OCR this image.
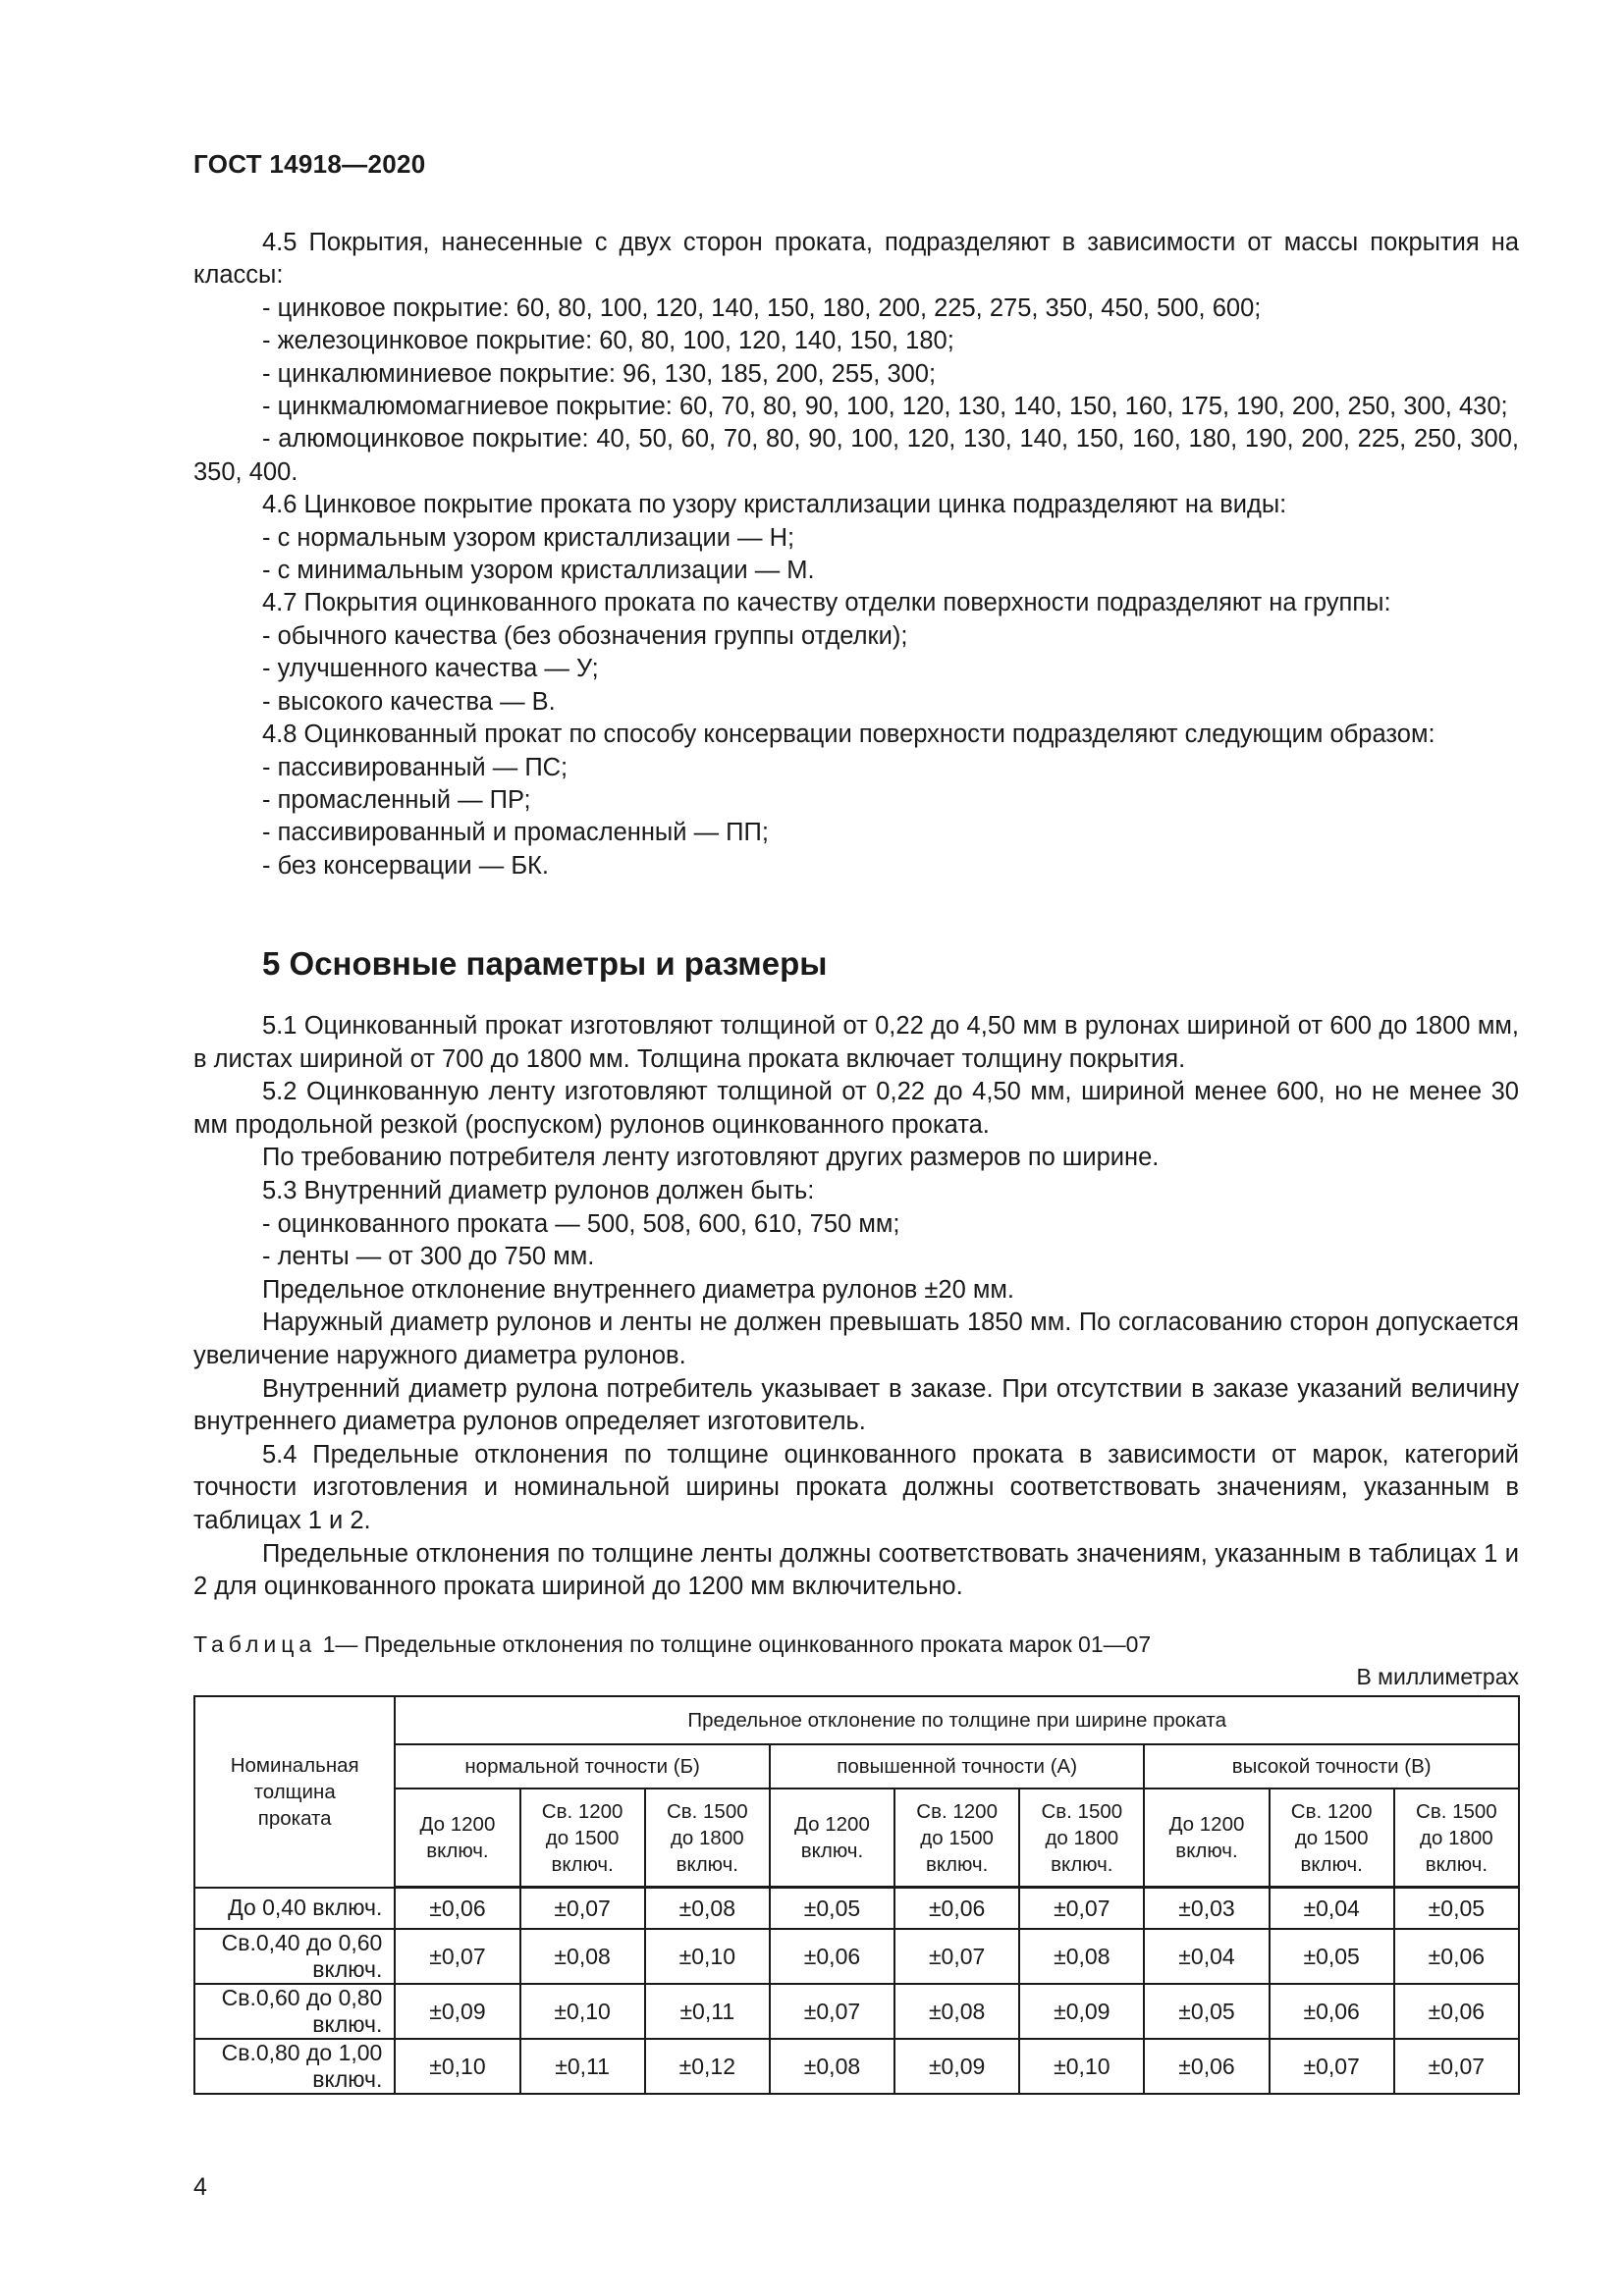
ГОСТ 14918—2020

4.5 Покрытия, нанесенные с двух сторон проката, подразделяют в зависимости от массы покрытия на классы:

- цинковое покрытие: 60, 80, 100, 120, 140, 150, 180, 200, 225, 275, 350, 450, 500, 600;

- железоцинковое покрытие: 60, 80, 100, 120, 140, 150, 180;

- цинкалюминиевое покрытие: 96, 130, 185, 200, 255, 300;

- цинкмалюмомагниевое покрытие: 60, 70, 80, 90, 100, 120, 130, 140, 150, 160, 175, 190, 200, 250, 300, 430;

- алюмоцинковое покрытие: 40, 50, 60, 70, 80, 90, 100, 120, 130, 140, 150, 160, 180, 190, 200, 225, 250, 300, 350, 400.

4.6 Цинковое покрытие проката по узору кристаллизации цинка подразделяют на виды:

- с нормальным узором кристаллизации — Н;

- с минимальным узором кристаллизации — М.

4.7 Покрытия оцинкованного проката по качеству отделки поверхности подразделяют на группы:

- обычного качества (без обозначения группы отделки);

- улучшенного качества — У;

- высокого качества — В.

4.8 Оцинкованный прокат по способу консервации поверхности подразделяют следующим образом:

- пассивированный — ПС;

- промасленный — ПР;

- пассивированный и промасленный — ПП;

- без консервации — БК.

5 Основные параметры и размеры

5.1 Оцинкованный прокат изготовляют толщиной от 0,22 до 4,50 мм в рулонах шириной от 600 до 1800 мм, в листах шириной от 700 до 1800 мм. Толщина проката включает толщину покрытия.

5.2 Оцинкованную ленту изготовляют толщиной от 0,22 до 4,50 мм, шириной менее 600, но не менее 30 мм продольной резкой (роспуском) рулонов оцинкованного проката.

По требованию потребителя ленту изготовляют других размеров по ширине.

5.3 Внутренний диаметр рулонов должен быть:

- оцинкованного проката — 500, 508, 600, 610, 750 мм;

- ленты — от 300 до 750 мм.

Предельное отклонение внутреннего диаметра рулонов ±20 мм.

Наружный диаметр рулонов и ленты не должен превышать 1850 мм. По согласованию сторон допускается увеличение наружного диаметра рулонов.

Внутренний диаметр рулона потребитель указывает в заказе. При отсутствии в заказе указаний величину внутреннего диаметра рулонов определяет изготовитель.

5.4 Предельные отклонения по толщине оцинкованного проката в зависимости от марок, категорий точности изготовления и номинальной ширины проката должны соответствовать значениям, указанным в таблицах 1 и 2.

Предельные отклонения по толщине ленты должны соответствовать значениям, указанным в таблицах 1 и 2 для оцинкованного проката шириной до 1200 мм включительно.

Таблица 1— Предельные отклонения по толщине оцинкованного проката марок 01—07
В миллиметрах
Номинальная толщина проката	Предельное отклонение по толщине при ширине проката								
	нормальной точности (Б)			повышенной точности (А)			высокой точности (В)		
	До 1200 включ.	Св. 1200 до 1500 включ.	Св. 1500 до 1800 включ.	До 1200 включ.	Св. 1200 до 1500 включ.	Св. 1500 до 1800 включ.	До 1200 включ.	Св. 1200 до 1500 включ.	Св. 1500 до 1800 включ.
До 0,40 включ.	±0,06	±0,07	±0,08	±0,05	±0,06	±0,07	±0,03	±0,04	±0,05
Св.0,40 до 0,60 включ.	±0,07	±0,08	±0,10	±0,06	±0,07	±0,08	±0,04	±0,05	±0,06
Св.0,60 до 0,80 включ.	±0,09	±0,10	±0,11	±0,07	±0,08	±0,09	±0,05	±0,06	±0,06
Св.0,80 до 1,00 включ.	±0,10	±0,11	±0,12	±0,08	±0,09	±0,10	±0,06	±0,07	±0,07
4
